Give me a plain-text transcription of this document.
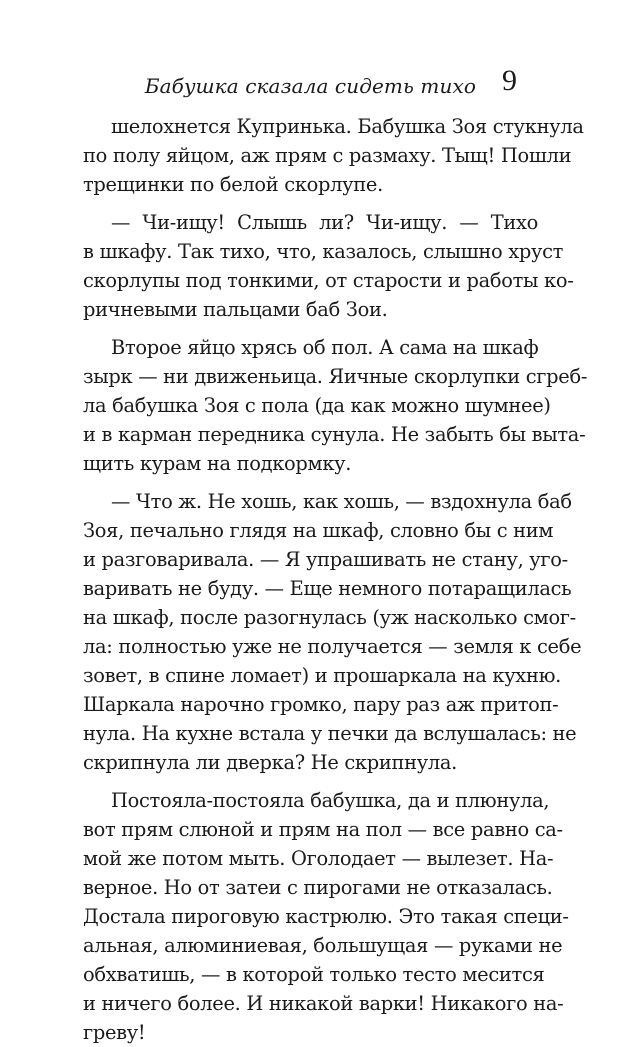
Бабушка сказала сидеть тихо 9

шелохнется Купринька. Бабушка Зоя стукнула
по полу яйцом, аж прям с размаху. Тыщ! Пошли
трещинки по белой скорлупе.

— Чи-ищу! Слышь ли? Чи-ищу. — Тихо
в шкафу. Так тихо, что, казалось, слышно хруст
скорлупы под тонкими, от старости и работы ко-
ричневыми пальцами баб Зои.

Второе яйцо хрясь об пол. А сама на шкаф
зырк — ни движеньица. Яичные скорлупки сгреб-
ла бабушка Зоя с пола (да как можно шумнее)
и в карман передника сунула. Не забыть бы выта-
щить курам на подкормку.

— Что ж. Не хошь, как хошь, — вздохнула баб
Зоя, печально глядя на шкаф, словно бы с ним
и разговаривала. — Я упрашивать не стану, уго-
варивать не буду. — Еще немного потаращилась
на шкаф, после разогнулась (уж насколько смог-
ла: полностью уже не получается — земля к себе
зовет, в спине ломает) и прошаркала на кухню.
Шаркала нарочно громко, пару раз аж притоп-
нула. На кухне встала у печки да вслушалась: не
скрипнула ли дверка? Не скрипнула.

Постояла-постояла бабушка, да и плюнула,
вот прям слюной и прям на пол — все равно са-
мой же потом мыть. Оголодает — вылезет. На-
верное. Но от затеи с пирогами не отказалась.
Достала пироговую кастрюлю. Это такая специ-
альная, алюминиевая, большущая — руками не
обхватишь, — в которой только тесто месится
и ничего более. И никакой варки! Никакого на-
греву!
